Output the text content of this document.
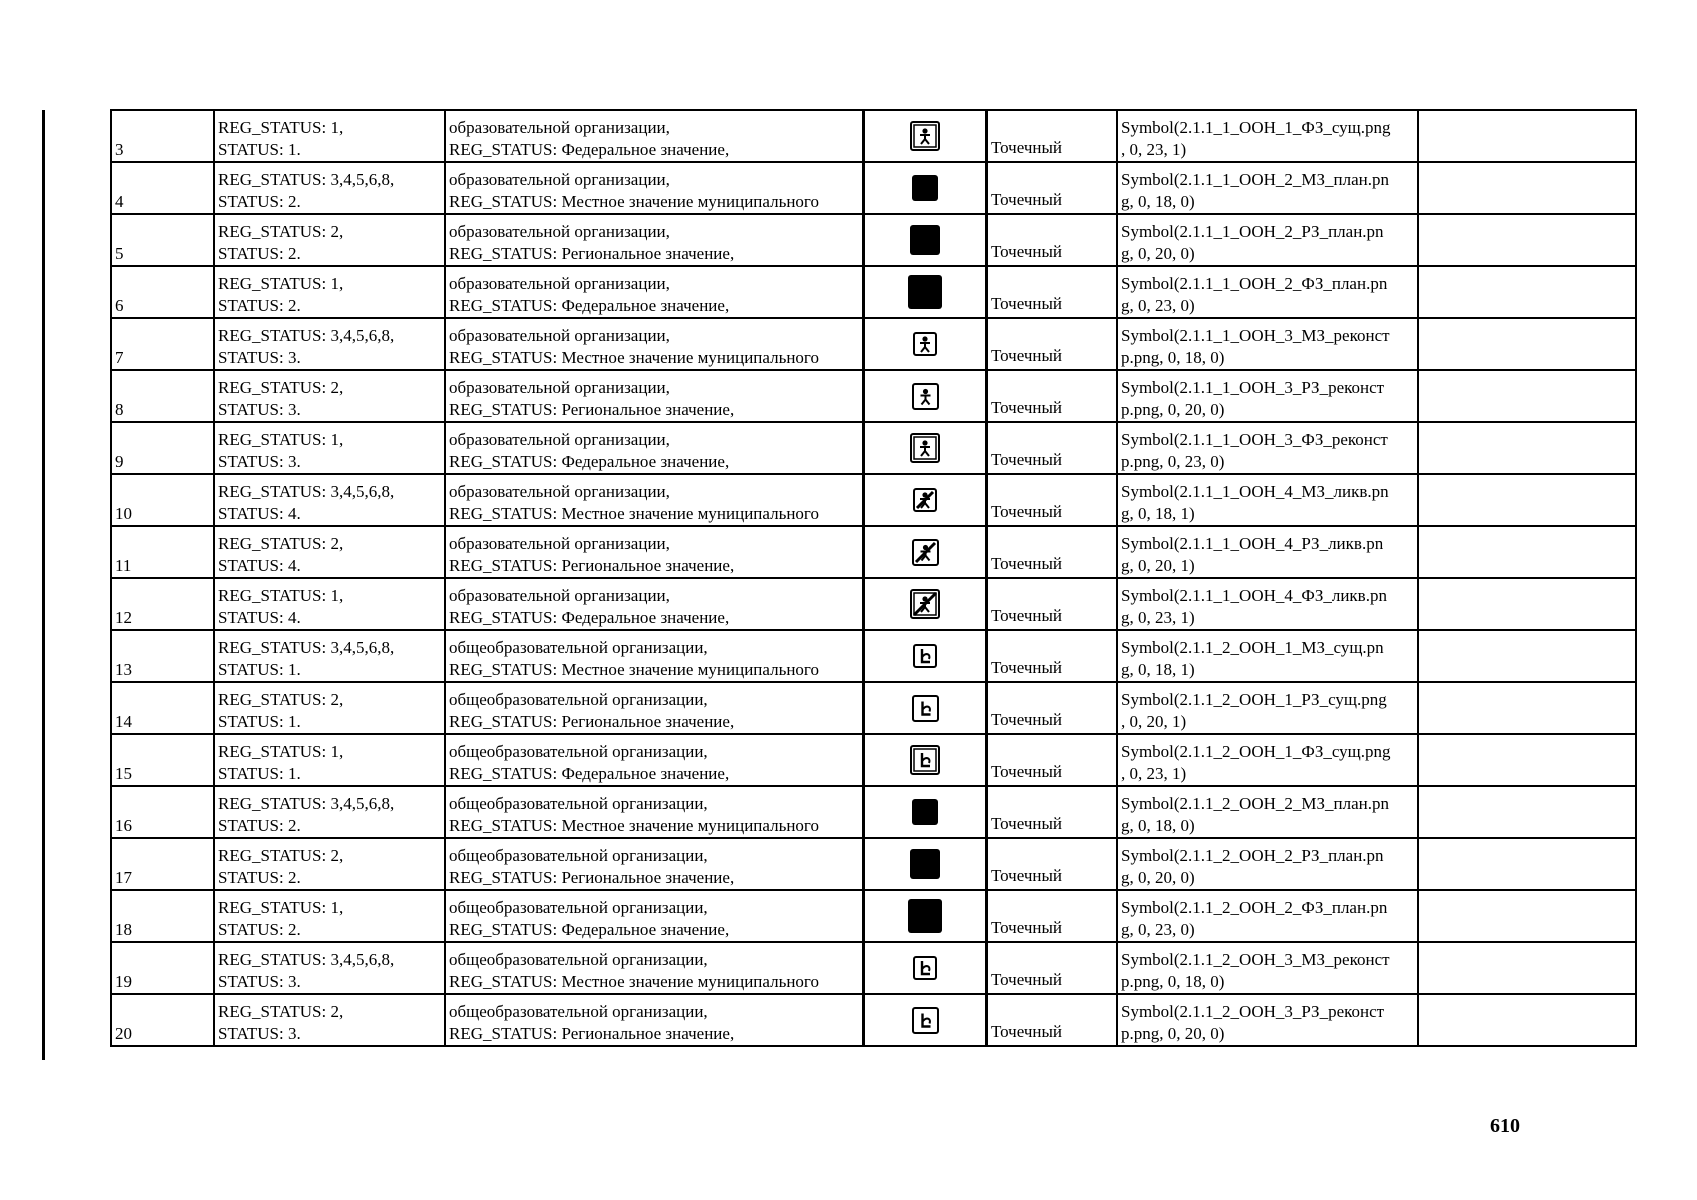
3	REG_STATUS: 1,
STATUS: 1.	образовательной организации,
REG_STATUS: Федеральное значение,		Точечный	Symbol(2.1.1_1_ООН_1_ФЗ_сущ.png
, 0, 23, 1)	

4	REG_STATUS: 3,4,5,6,8,
STATUS: 2.	образовательной организации,
REG_STATUS: Местное значение муниципального		Точечный	Symbol(2.1.1_1_ООН_2_МЗ_план.pn
g, 0, 18, 0)	

5	REG_STATUS: 2,
STATUS: 2.	образовательной организации,
REG_STATUS: Региональное значение,		Точечный	Symbol(2.1.1_1_ООН_2_РЗ_план.pn
g, 0, 20, 0)	

6	REG_STATUS: 1,
STATUS: 2.	образовательной организации,
REG_STATUS: Федеральное значение,		Точечный	Symbol(2.1.1_1_ООН_2_ФЗ_план.pn
g, 0, 23, 0)	

7	REG_STATUS: 3,4,5,6,8,
STATUS: 3.	образовательной организации,
REG_STATUS: Местное значение муниципального		Точечный	Symbol(2.1.1_1_ООН_3_МЗ_реконст
р.png, 0, 18, 0)	

8	REG_STATUS: 2,
STATUS: 3.	образовательной организации,
REG_STATUS: Региональное значение,		Точечный	Symbol(2.1.1_1_ООН_3_РЗ_реконст
р.png, 0, 20, 0)	

9	REG_STATUS: 1,
STATUS: 3.	образовательной организации,
REG_STATUS: Федеральное значение,		Точечный	Symbol(2.1.1_1_ООН_3_ФЗ_реконст
р.png, 0, 23, 0)	

10	REG_STATUS: 3,4,5,6,8,
STATUS: 4.	образовательной организации,
REG_STATUS: Местное значение муниципального		Точечный	Symbol(2.1.1_1_ООН_4_МЗ_ликв.pn
g, 0, 18, 1)	

11	REG_STATUS: 2,
STATUS: 4.	образовательной организации,
REG_STATUS: Региональное значение,		Точечный	Symbol(2.1.1_1_ООН_4_РЗ_ликв.pn
g, 0, 20, 1)	

12	REG_STATUS: 1,
STATUS: 4.	образовательной организации,
REG_STATUS: Федеральное значение,		Точечный	Symbol(2.1.1_1_ООН_4_ФЗ_ликв.pn
g, 0, 23, 1)	

13	REG_STATUS: 3,4,5,6,8,
STATUS: 1.	общеобразовательной организации,
REG_STATUS: Местное значение муниципального		Точечный	Symbol(2.1.1_2_ООН_1_МЗ_сущ.pn
g, 0, 18, 1)	

14	REG_STATUS: 2,
STATUS: 1.	общеобразовательной организации,
REG_STATUS: Региональное значение,		Точечный	Symbol(2.1.1_2_ООН_1_РЗ_сущ.png
, 0, 20, 1)	

15	REG_STATUS: 1,
STATUS: 1.	общеобразовательной организации,
REG_STATUS: Федеральное значение,		Точечный	Symbol(2.1.1_2_ООН_1_ФЗ_сущ.png
, 0, 23, 1)	

16	REG_STATUS: 3,4,5,6,8,
STATUS: 2.	общеобразовательной организации,
REG_STATUS: Местное значение муниципального		Точечный	Symbol(2.1.1_2_ООН_2_МЗ_план.pn
g, 0, 18, 0)	

17	REG_STATUS: 2,
STATUS: 2.	общеобразовательной организации,
REG_STATUS: Региональное значение,		Точечный	Symbol(2.1.1_2_ООН_2_РЗ_план.pn
g, 0, 20, 0)	

18	REG_STATUS: 1,
STATUS: 2.	общеобразовательной организации,
REG_STATUS: Федеральное значение,		Точечный	Symbol(2.1.1_2_ООН_2_ФЗ_план.pn
g, 0, 23, 0)	

19	REG_STATUS: 3,4,5,6,8,
STATUS: 3.	общеобразовательной организации,
REG_STATUS: Местное значение муниципального		Точечный	Symbol(2.1.1_2_ООН_3_МЗ_реконст
р.png, 0, 18, 0)	

20	REG_STATUS: 2,
STATUS: 3.	общеобразовательной организации,
REG_STATUS: Региональное значение,		Точечный	Symbol(2.1.1_2_ООН_3_РЗ_реконст
р.png, 0, 20, 0)	

610
